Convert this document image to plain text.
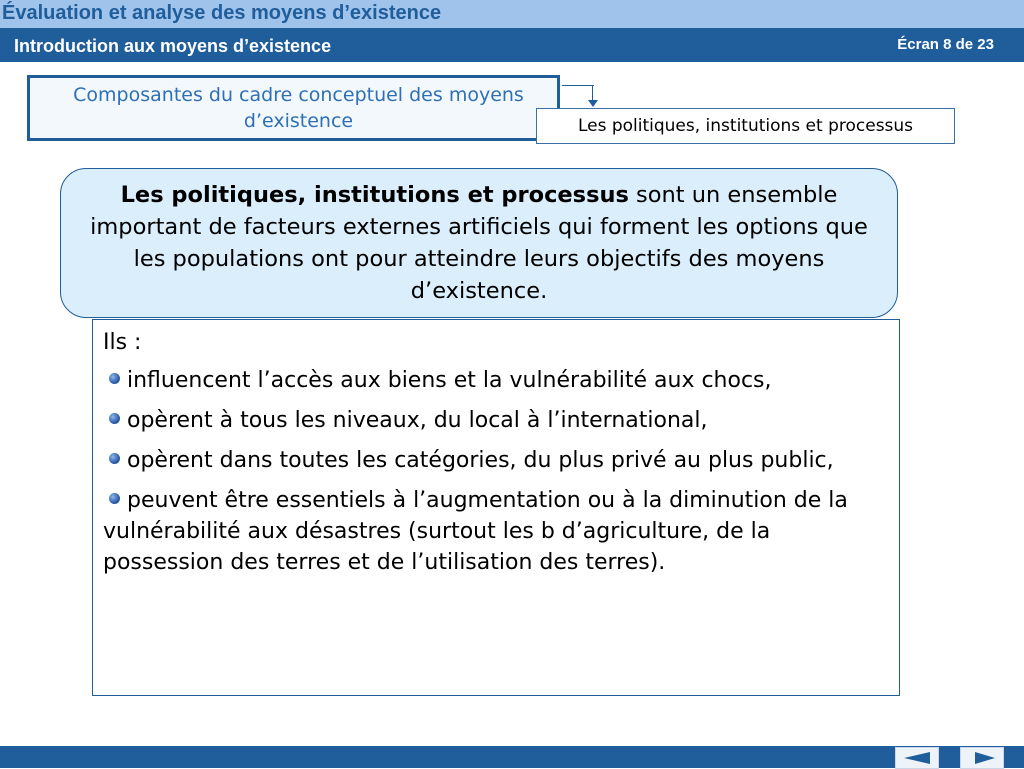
Évaluation et analyse des moyens d’existence
Introduction aux moyens d’existence	Écran 8 de 23
Composantes du cadre conceptuel des moyens d’existence	Les politiques, institutions et processus
Les politiques, institutions et processus sont un ensemble important de facteurs externes artificiels qui forment les options que les populations ont pour atteindre leurs objectifs des moyens d’existence.
Ils :
influencent l’accès aux biens et la vulnérabilité aux chocs,
opèrent à tous les niveaux, du local à l’international,
opèrent dans toutes les catégories, du plus privé au plus public,
peuvent être essentiels à l’augmentation ou à la diminution de la vulnérabilité aux désastres (surtout les b d’agriculture, de la possession des terres et de l’utilisation des terres).
